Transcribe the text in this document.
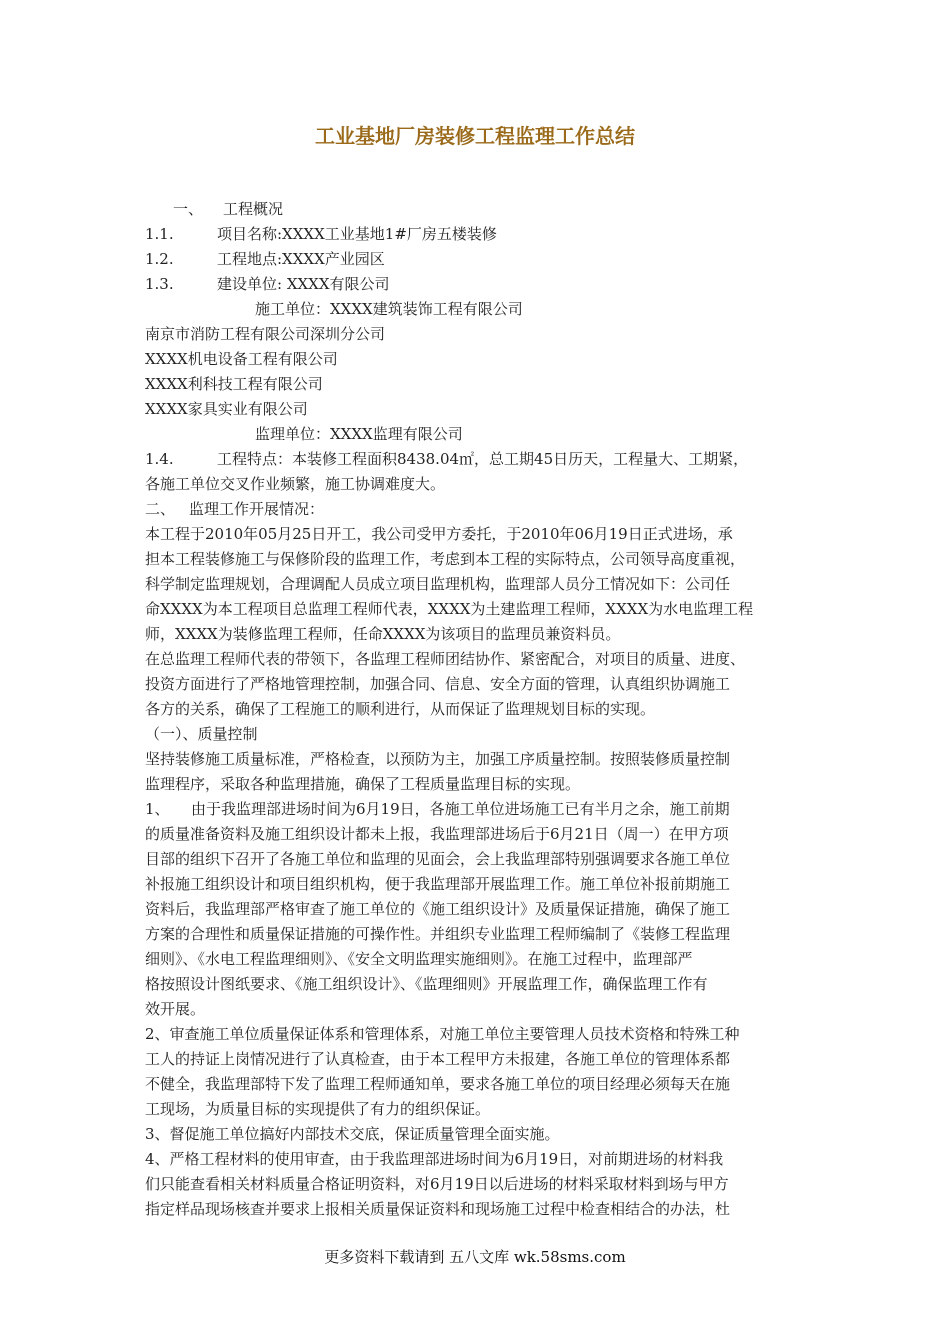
工业基地厂房装修工程监理工作总结
一、 工程概况
1.1.	项目名称:XXXX工业基地1#厂房五楼装修
1.2.	工程地点:XXXX产业园区
1.3.	建设单位: XXXX有限公司
施工单位：XXXX建筑装饰工程有限公司
南京市消防工程有限公司深圳分公司
XXXX机电设备工程有限公司
XXXX利科技工程有限公司
XXXX家具实业有限公司
监理单位：XXXX监理有限公司
1.4.	工程特点：本装修工程面积8438.04㎡，总工期45日历天，工程量大、工期紧，
各施工单位交叉作业频繁，施工协调难度大。
二、 监理工作开展情况：
本工程于2010年05月25日开工，我公司受甲方委托，于2010年06月19日正式进场，承
担本工程装修施工与保修阶段的监理工作，考虑到本工程的实际特点，公司领导高度重视，
科学制定监理规划，合理调配人员成立项目监理机构，监理部人员分工情况如下：公司任
命XXXX为本工程项目总监理工程师代表，XXXX为土建监理工程师，XXXX为水电监理工程
师，XXXX为装修监理工程师，任命XXXX为该项目的监理员兼资料员。
在总监理工程师代表的带领下，各监理工程师团结协作、紧密配合，对项目的质量、进度、
投资方面进行了严格地管理控制，加强合同、信息、安全方面的管理，认真组织协调施工
各方的关系，确保了工程施工的顺利进行，从而保证了监理规划目标的实现。
（一）、质量控制
坚持装修施工质量标准，严格检查，以预防为主，加强工序质量控制。按照装修质量控制
监理程序，采取各种监理措施，确保了工程质量监理目标的实现。
1、 由于我监理部进场时间为6月19日，各施工单位进场施工已有半月之余，施工前期
的质量准备资料及施工组织设计都未上报，我监理部进场后于6月21日（周一）在甲方项
目部的组织下召开了各施工单位和监理的见面会，会上我监理部特别强调要求各施工单位
补报施工组织设计和项目组织机构，便于我监理部开展监理工作。施工单位补报前期施工
资料后，我监理部严格审查了施工单位的《施工组织设计》及质量保证措施，确保了施工
方案的合理性和质量保证措施的可操作性。并组织专业监理工程师编制了《装修工程监理
细则》、《水电工程监理细则》、《安全文明监理实施细则》。在施工过程中，监理部严
格按照设计图纸要求、《施工组织设计》、《监理细则》开展监理工作，确保监理工作有
效开展。
2、审查施工单位质量保证体系和管理体系，对施工单位主要管理人员技术资格和特殊工种
工人的持证上岗情况进行了认真检查，由于本工程甲方未报建，各施工单位的管理体系都
不健全，我监理部特下发了监理工程师通知单，要求各施工单位的项目经理必须每天在施
工现场，为质量目标的实现提供了有力的组织保证。
3、督促施工单位搞好内部技术交底，保证质量管理全面实施。
4、严格工程材料的使用审查，由于我监理部进场时间为6月19日，对前期进场的材料我
们只能查看相关材料质量合格证明资料，对6月19日以后进场的材料采取材料到场与甲方
指定样品现场核查并要求上报相关质量保证资料和现场施工过程中检查相结合的办法，杜
更多资料下载请到 五八文库 wk.58sms.com
